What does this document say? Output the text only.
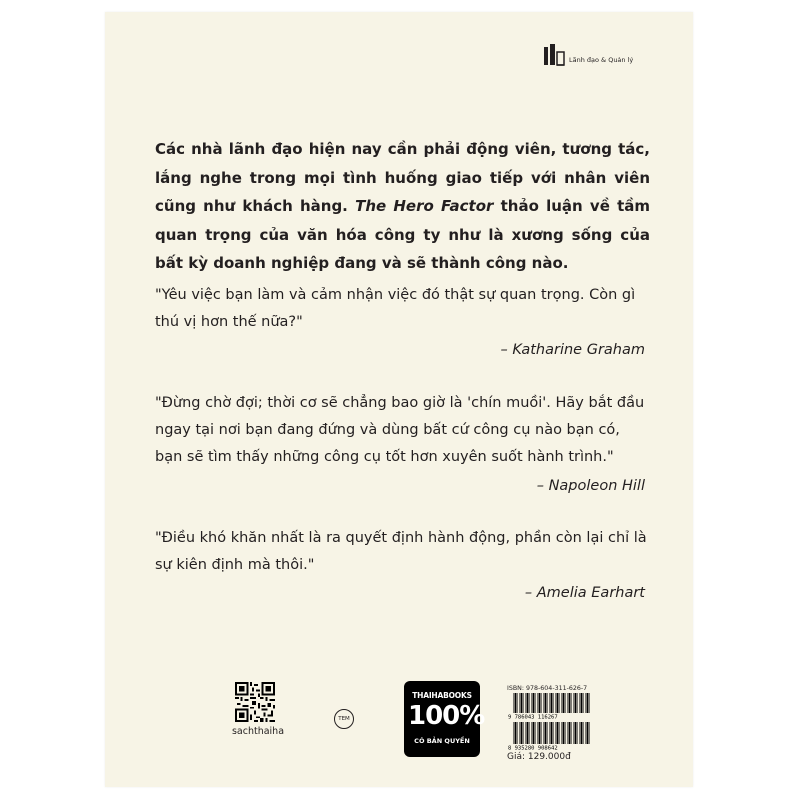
Lãnh đạo & Quản lý
Các nhà lãnh đạo hiện nay cần phải động viên, tương tác, lắng nghe trong mọi tình huống giao tiếp với nhân viên cũng như khách hàng. The Hero Factor thảo luận về tầm quan trọng của văn hóa công ty như là xương sống của bất kỳ doanh nghiệp đang và sẽ thành công nào.
"Yêu việc bạn làm và cảm nhận việc đó thật sự quan trọng. Còn gì thú vị hơn thế nữa?"
– Katharine Graham
"Đừng chờ đợi; thời cơ sẽ chẳng bao giờ là 'chín muồi'. Hãy bắt đầu ngay tại nơi bạn đang đứng và dùng bất cứ công cụ nào bạn có, bạn sẽ tìm thấy những công cụ tốt hơn xuyên suốt hành trình."
– Napoleon Hill
"Điều khó khăn nhất là ra quyết định hành động, phần còn lại chỉ là sự kiên định mà thôi."
– Amelia Earhart
sachthaiha
TEM
THAIHABOOKS
100%
CÓ BẢN QUYỀN
ISBN: 978-604-311-626-7
9 786043 116267
8 935280 908642
Giá: 129.000đ
